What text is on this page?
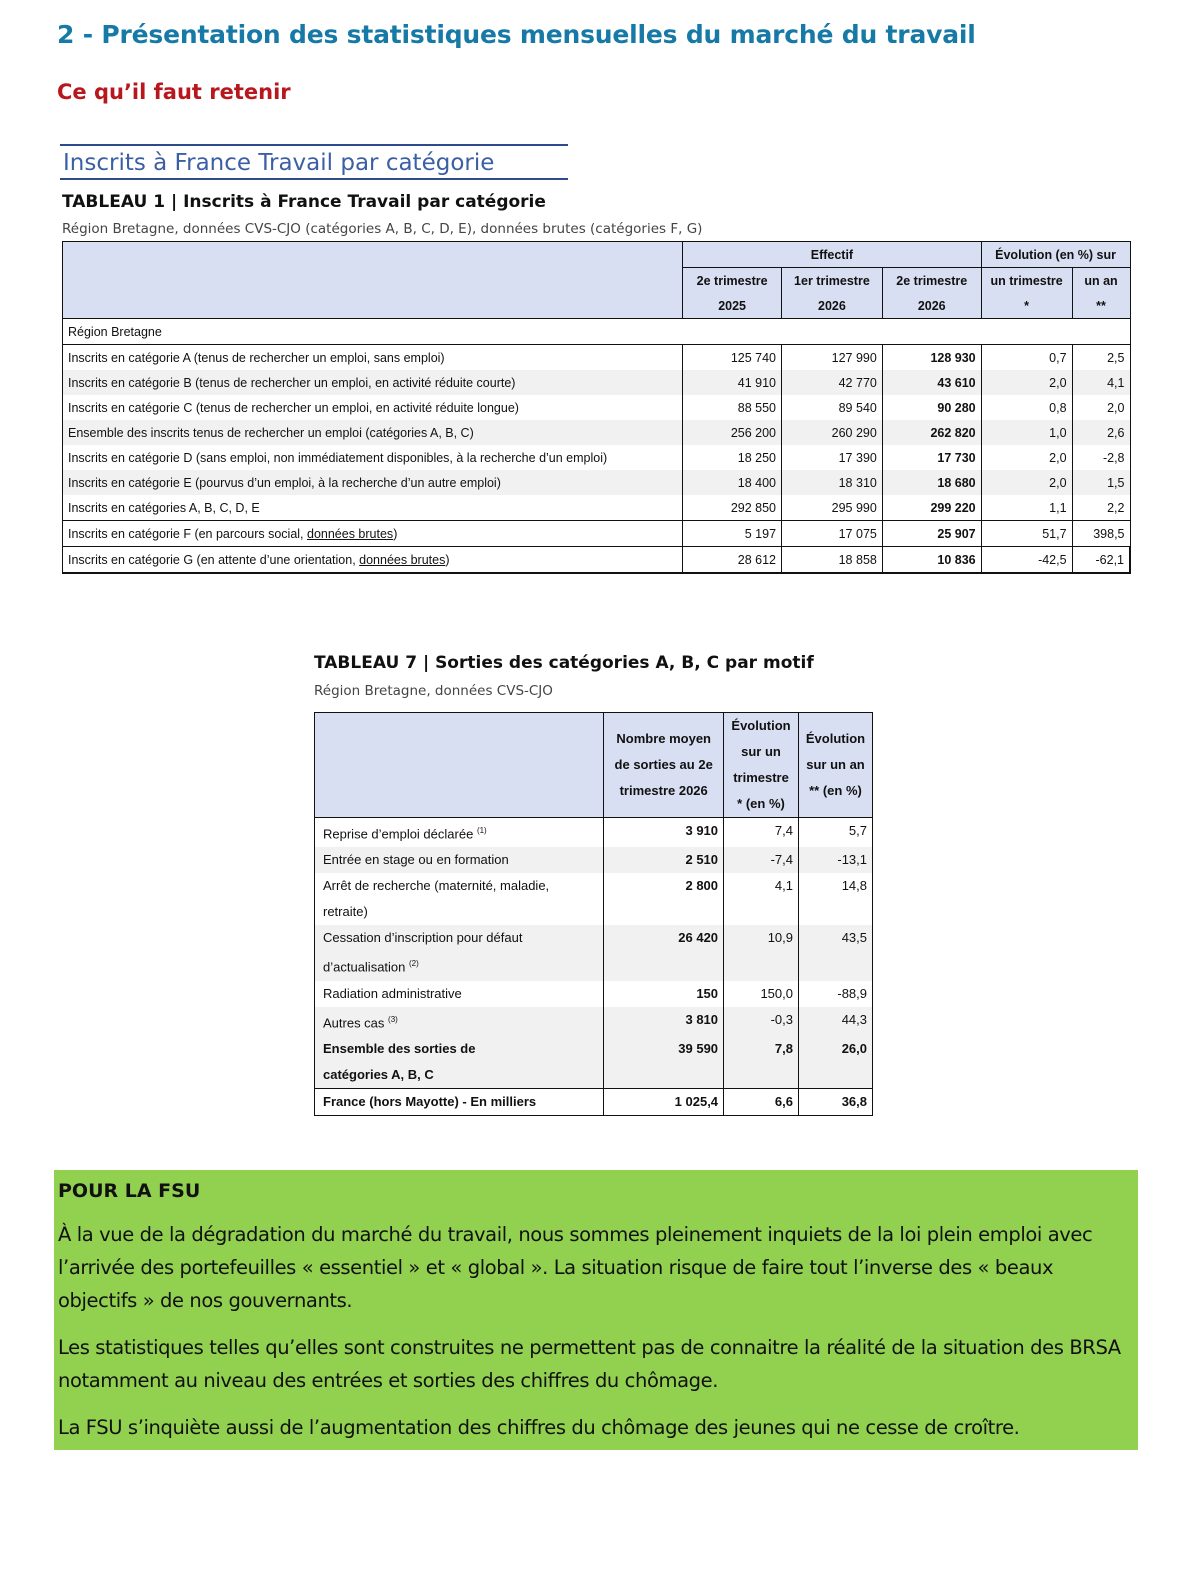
2 - Présentation des statistiques mensuelles du marché du travail
Ce qu’il faut retenir
Inscrits à France Travail par catégorie
TABLEAU 1 | Inscrits à France Travail par catégorie
Région Bretagne, données CVS-CJO (catégories A, B, C, D, E), données brutes (catégories F, G)
	Effectif			Évolution (en %) sur	
	2e trimestre	1er trimestre	2e trimestre	un trimestre	un an
	2025	2026	2026	*	**
Région Bretagne					
Inscrits en catégorie A (tenus de rechercher un emploi, sans emploi)	125 740	127 990	128 930	0,7	2,5
Inscrits en catégorie B (tenus de rechercher un emploi, en activité réduite courte)	41 910	42 770	43 610	2,0	4,1
Inscrits en catégorie C (tenus de rechercher un emploi, en activité réduite longue)	88 550	89 540	90 280	0,8	2,0
Ensemble des inscrits tenus de rechercher un emploi (catégories A, B, C)	256 200	260 290	262 820	1,0	2,6
Inscrits en catégorie D (sans emploi, non immédiatement disponibles, à la recherche d’un emploi)	18 250	17 390	17 730	2,0	-2,8
Inscrits en catégorie E (pourvus d’un emploi, à la recherche d’un autre emploi)	18 400	18 310	18 680	2,0	1,5
Inscrits en catégories A, B, C, D, E	292 850	295 990	299 220	1,1	2,2
Inscrits en catégorie F (en parcours social, données brutes)	5 197	17 075	25 907	51,7	398,5
Inscrits en catégorie G (en attente d’une orientation, données brutes)	28 612	18 858	10 836	-42,5	-62,1
TABLEAU 7 | Sorties des catégories A, B, C par motif
Région Bretagne, données CVS-CJO
	Nombre moyen de sorties au 2e trimestre 2026	Évolution sur un trimestre * (en %)	Évolution sur un an ** (en %)
Reprise d’emploi déclarée $^{(1)}$	3 910	7,4	5,7
Entrée en stage ou en formation	2 510	-7,4	-13,1
Arrêt de recherche (maternité, maladie, retraite)	2 800	4,1	14,8
Cessation d’inscription pour défaut d’actualisation $^{(2)}$	26 420	10,9	43,5
Radiation administrative	150	150,0	-88,9
Autres cas $^{(3)}$	3 810	-0,3	44,3
Ensemble des sorties de catégories A, B, C	39 590	7,8	26,0
France (hors Mayotte) - En milliers	1 025,4	6,6	36,8
POUR LA FSU

À la vue de la dégradation du marché du travail, nous sommes pleinement inquiets de la loi plein emploi avec l’arrivée des portefeuilles « essentiel » et « global ». La situation risque de faire tout l’inverse des « beaux objectifs » de nos gouvernants.

Les statistiques telles qu’elles sont construites ne permettent pas de connaitre la réalité de la situation des BRSA notamment au niveau des entrées et sorties des chiffres du chômage.

La FSU s’inquiète aussi de l’augmentation des chiffres du chômage des jeunes qui ne cesse de croître.
